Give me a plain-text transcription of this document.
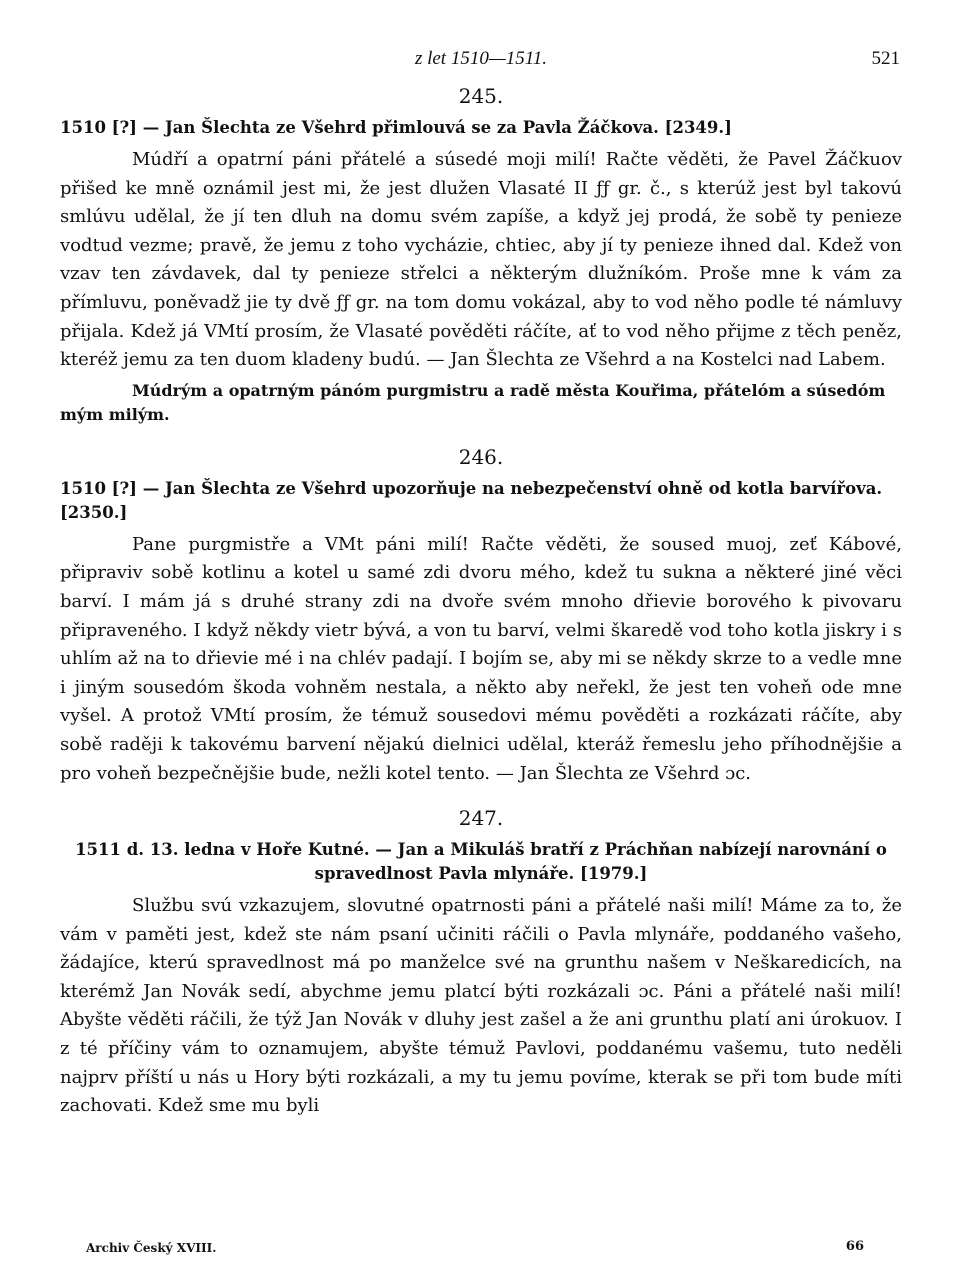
z let 1510—1511.	521
245.
1510 [?] — Jan Šlechta ze Všehrd přimlouvá se za Pavla Žáčkova. [2349.]

Múdří a opatrní páni přátelé a súsedé moji milí! Račte věděti, že Pavel Žáčkuov přišed ke mně oznámil jest mi, že jest dlužen Vlasaté II ƒƒ gr. č., s kterúž jest byl takovú smlúvu udělal, že jí ten dluh na domu svém zapíše, a když jej prodá, že sobě ty penieze vodtud vezme; pravě, že jemu z toho vycházie, chtiec, aby jí ty penieze ihned dal. Kdež von vzav ten závdavek, dal ty penieze střelci a některým dlužníkóm. Proše mne k vám za přímluvu, poněvadž jie ty dvě ƒƒ gr. na tom domu vokázal, aby to vod něho podle té námluvy přijala. Kdež já VMtí prosím, že Vlasaté pověděti ráčíte, ať to vod něho přijme z těch peněz, kteréž jemu za ten duom kladeny budú. — Jan Šlechta ze Všehrd a na Kostelci nad Labem.

Múdrým a opatrným pánóm purgmistru a radě města Kouřima, přátelóm a súsedóm mým milým.
246.
1510 [?] — Jan Šlechta ze Všehrd upozorňuje na nebezpečenství ohně od kotla barvířova. [2350.]

Pane purgmistře a VMt páni milí! Račte věděti, že soused muoj, zeť Kábové, připraviv sobě kotlinu a kotel u samé zdi dvoru mého, kdež tu sukna a některé jiné věci barví. I mám já s druhé strany zdi na dvoře svém mnoho dřievie borového k pivovaru připraveného. I když někdy vietr bývá, a von tu barví, velmi škaredě vod toho kotla jiskry i s uhlím až na to dřievie mé i na chlév padají. I bojím se, aby mi se někdy skrze to a vedle mne i jiným sousedóm škoda vohněm nestala, a někto aby neřekl, že jest ten voheň ode mne vyšel. A protož VMtí prosím, že témuž sousedovi mému pověděti a rozkázati ráčíte, aby sobě raději k takovému barvení nějakú dielnici udělal, kteráž řemeslu jeho příhodnějšie a pro voheň bezpečnějšie bude, nežli kotel tento. — Jan Šlechta ze Všehrd ɔc.

247.
1511 d. 13. ledna v Hoře Kutné. — Jan a Mikuláš bratří z Práchňan nabízejí narovnání o spravedlnost Pavla mlynáře. [1979.]

Službu svú vzkazujem, slovutné opatrnosti páni a přátelé naši milí! Máme za to, že vám v paměti jest, kdež ste nám psaní učiniti ráčili o Pavla mlynáře, poddaného vašeho, žádajíce, kterú spravedlnost má po manželce své na grunthu našem v Neškaredicích, na kterémž Jan Novák sedí, abychme jemu platcí býti rozkázali ɔc. Páni a přátelé naši milí! Abyšte věděti ráčili, že týž Jan Novák v dluhy jest zašel a že ani grunthu platí ani úrokuov. I z té příčiny vám to oznamujem, abyšte témuž Pavlovi, poddanému vašemu, tuto neděli najprv příští u nás u Hory býti rozkázali, a my tu jemu povíme, kterak se při tom bude míti zachovati. Kdež sme mu byli

Archiv Český XVIII.	66
